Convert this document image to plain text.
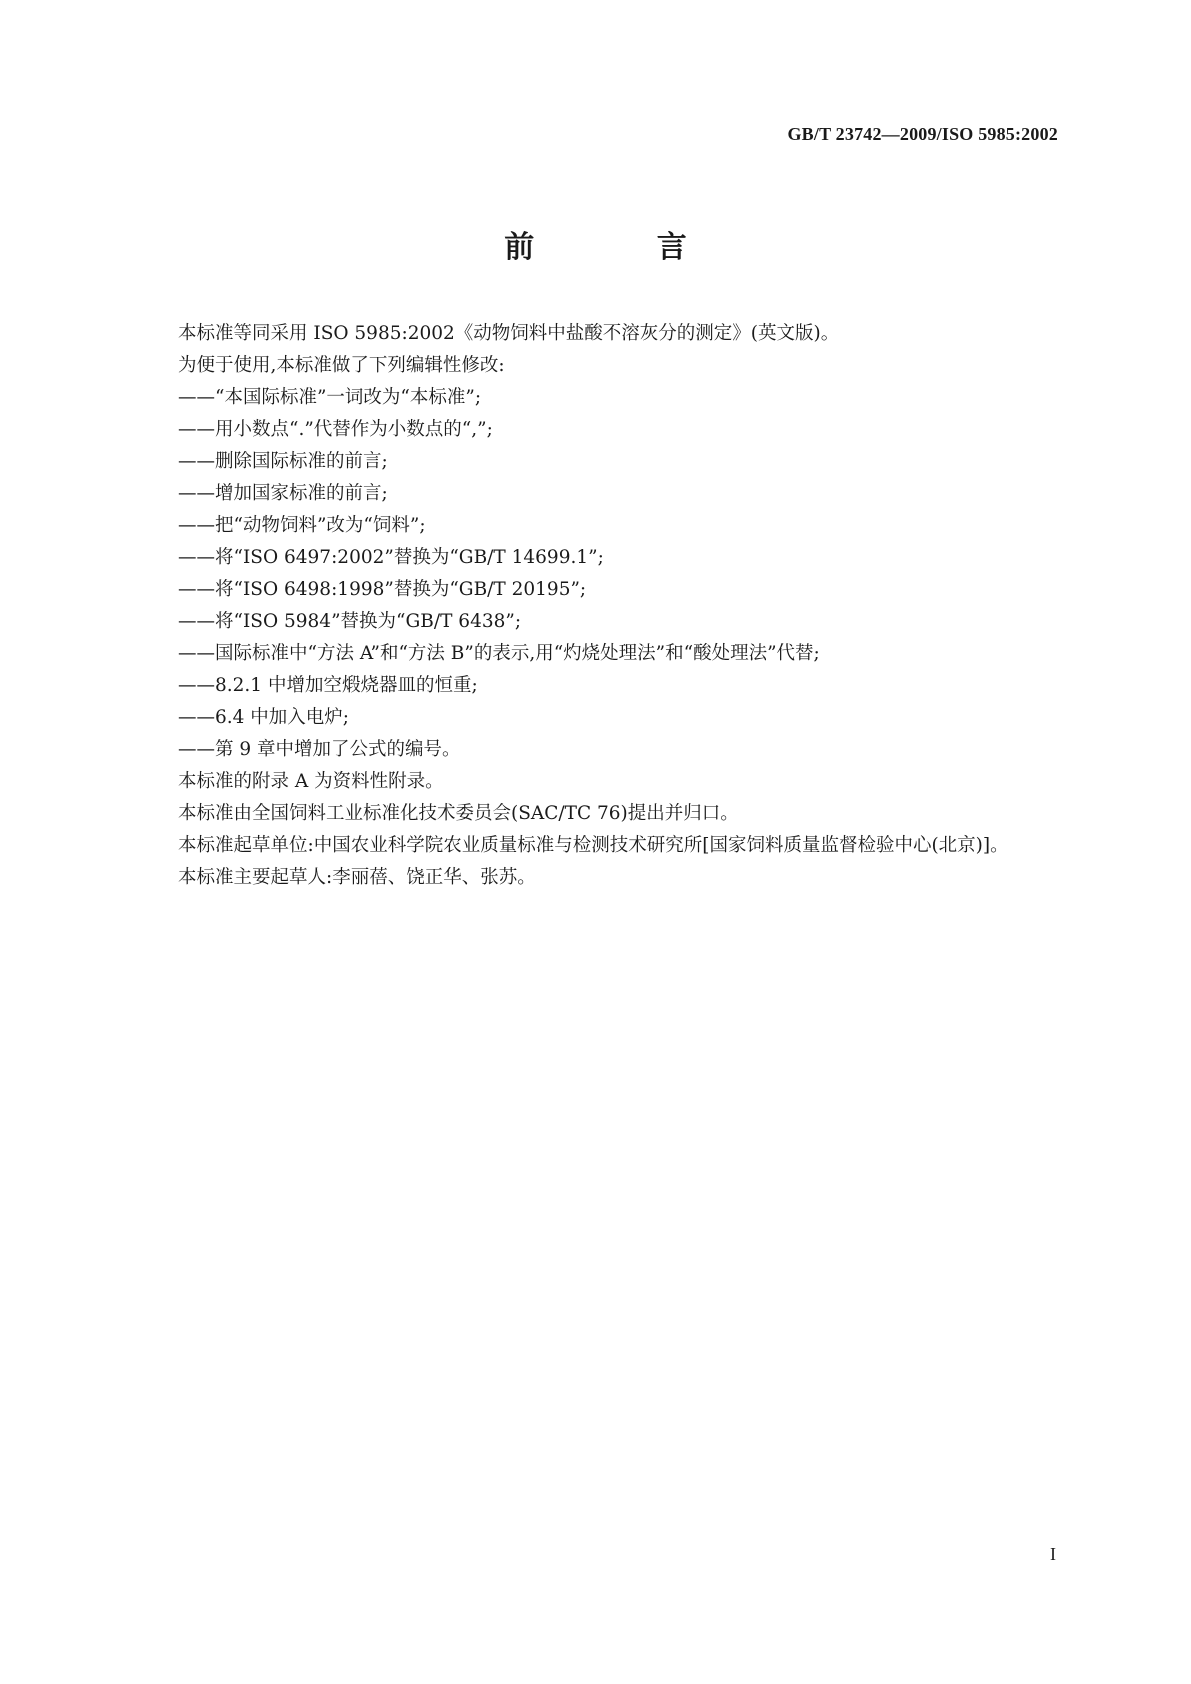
GB/T 23742—2009/ISO 5985:2002
前 言

本标准等同采用 ISO 5985:2002《动物饲料中盐酸不溶灰分的测定》(英文版)。

为便于使用,本标准做了下列编辑性修改:

——“本国际标准”一词改为“本标准”;

——用小数点“.”代替作为小数点的“,”;

——删除国际标准的前言;

——增加国家标准的前言;

——把“动物饲料”改为“饲料”;

——将“ISO 6497:2002”替换为“GB/T 14699.1”;

——将“ISO 6498:1998”替换为“GB/T 20195”;

——将“ISO 5984”替换为“GB/T 6438”;

——国际标准中“方法 A”和“方法 B”的表示,用“灼烧处理法”和“酸处理法”代替;

——8.2.1 中增加空煅烧器皿的恒重;

——6.4 中加入电炉;

——第 9 章中增加了公式的编号。

本标准的附录 A 为资料性附录。

本标准由全国饲料工业标准化技术委员会(SAC/TC 76)提出并归口。

本标准起草单位:中国农业科学院农业质量标准与检测技术研究所[国家饲料质量监督检验中心(北京)]。

本标准主要起草人:李丽蓓、饶正华、张苏。

I
